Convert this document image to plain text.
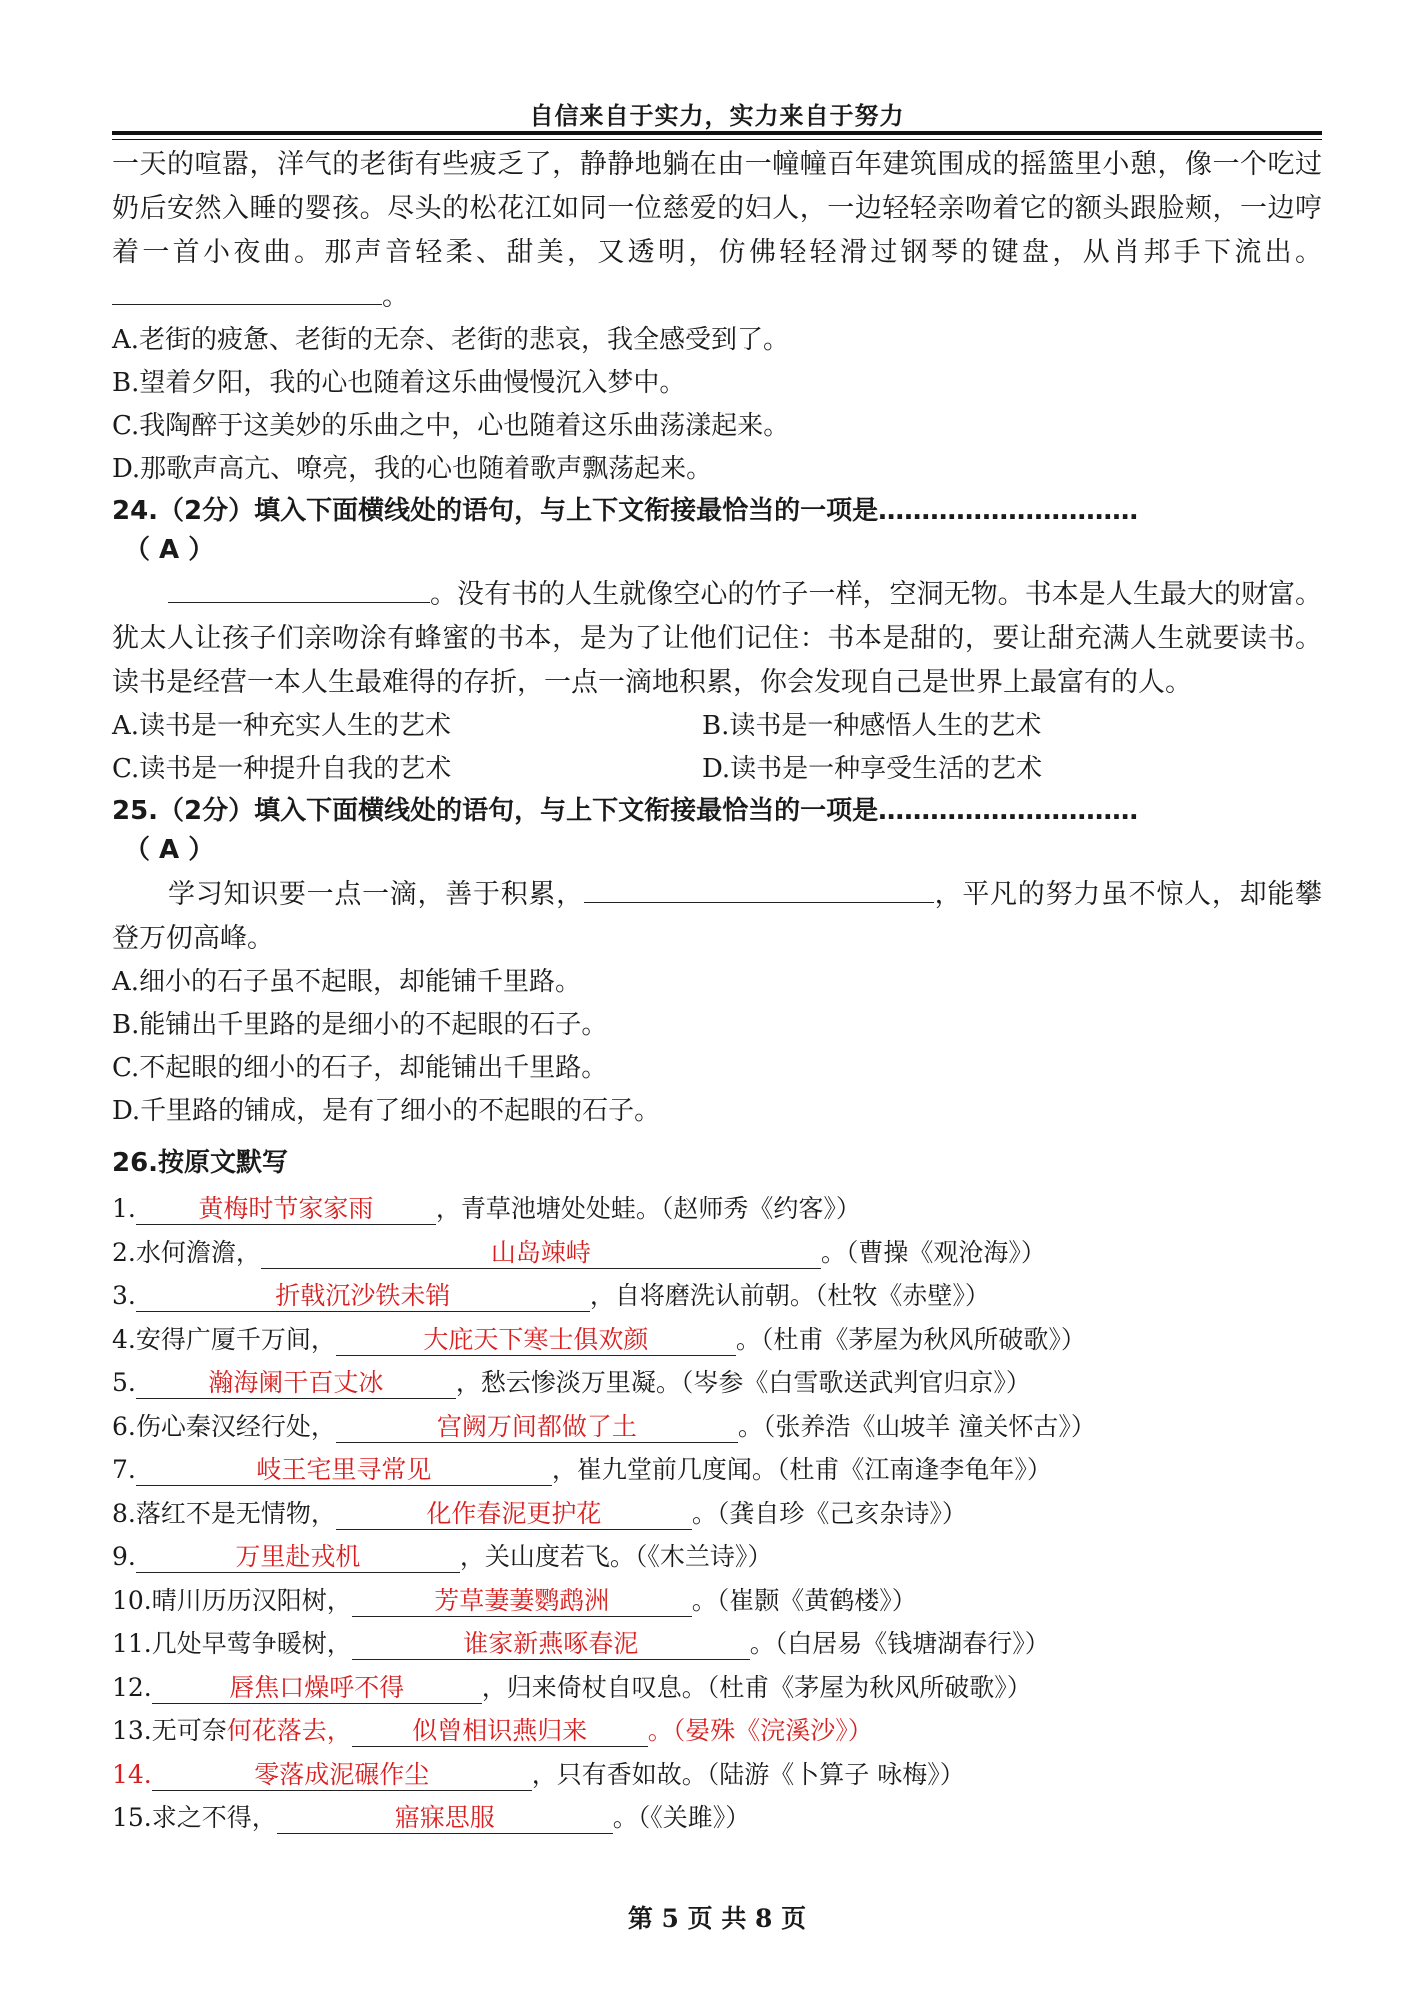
自信来自于实力，实力来自于努力

一天的喧嚣，洋气的老街有些疲乏了，静静地躺在由一幢幢百年建筑围成的摇篮里小憩，像一个吃过奶后安然入睡的婴孩。尽头的松花江如同一位慈爱的妇人，一边轻轻亲吻着它的额头跟脸颊，一边哼着一首小夜曲。那声音轻柔、甜美，又透明，仿佛轻轻滑过钢琴的键盘，从肖邦手下流出。。

A.老街的疲惫、老街的无奈、老街的悲哀，我全感受到了。

B.望着夕阳，我的心也随着这乐曲慢慢沉入梦中。

C.我陶醉于这美妙的乐曲之中，心也随着这乐曲荡漾起来。

D.那歌声高亢、嘹亮，我的心也随着歌声飘荡起来。

24.（2分）填入下面横线处的语句，与上下文衔接最恰当的一项是…………………………

（ A ）

。没有书的人生就像空心的竹子一样，空洞无物。书本是人生最大的财富。犹太人让孩子们亲吻涂有蜂蜜的书本，是为了让他们记住：书本是甜的，要让甜充满人生就要读书。读书是经营一本人生最难得的存折，一点一滴地积累，你会发现自己是世界上最富有的人。

A.读书是一种充实人生的艺术	B.读书是一种感悟人生的艺术

C.读书是一种提升自我的艺术	D.读书是一种享受生活的艺术

25.（2分）填入下面横线处的语句，与上下文衔接最恰当的一项是…………………………

（ A ）

学习知识要一点一滴，善于积累，	，平凡的努力虽不惊人，却能攀登万仞高峰。

A.细小的石子虽不起眼，却能铺千里路。

B.能铺出千里路的是细小的不起眼的石子。

C.不起眼的细小的石子，却能铺出千里路。

D.千里路的铺成，是有了细小的不起眼的石子。

26.按原文默写

1. 黄梅时节家家雨	，青草池塘处处蛙。（赵师秀《约客》）

2.水何澹澹，	山岛竦峙	。（曹操《观沧海》）

3.	折戟沉沙铁未销	，自将磨洗认前朝。（杜牧《赤壁》）

4.安得广厦千万间，	大庇天下寒士俱欢颜	。（杜甫《茅屋为秋风所破歌》）

5.	瀚海阑干百丈冰	，愁云惨淡万里凝。（岑参《白雪歌送武判官归京》）

6.伤心秦汉经行处，	宫阙万间都做了土	。（张养浩《山坡羊 潼关怀古》）

7.	岐王宅里寻常见	，崔九堂前几度闻。（杜甫《江南逢李龟年》）

8.落红不是无情物，	化作春泥更护花	。（龚自珍《己亥杂诗》）

9.	万里赴戎机	，关山度若飞。（《木兰诗》）

10.晴川历历汉阳树，	芳草萋萋鹦鹉洲	。（崔颢《黄鹤楼》）

11.几处早莺争暖树，	谁家新燕啄春泥	。（白居易《钱塘湖春行》）

12.	唇焦口燥呼不得	，归来倚杖自叹息。（杜甫《茅屋为秋风所破歌》）

13.无可奈何花落去， 似曾相识燕归来 。（晏殊《浣溪沙》）

14.	零落成泥碾作尘	，只有香如故。（陆游《卜算子 咏梅》）

15.求之不得，	寤寐思服	。（《关雎》）

第 5 页 共 8 页
